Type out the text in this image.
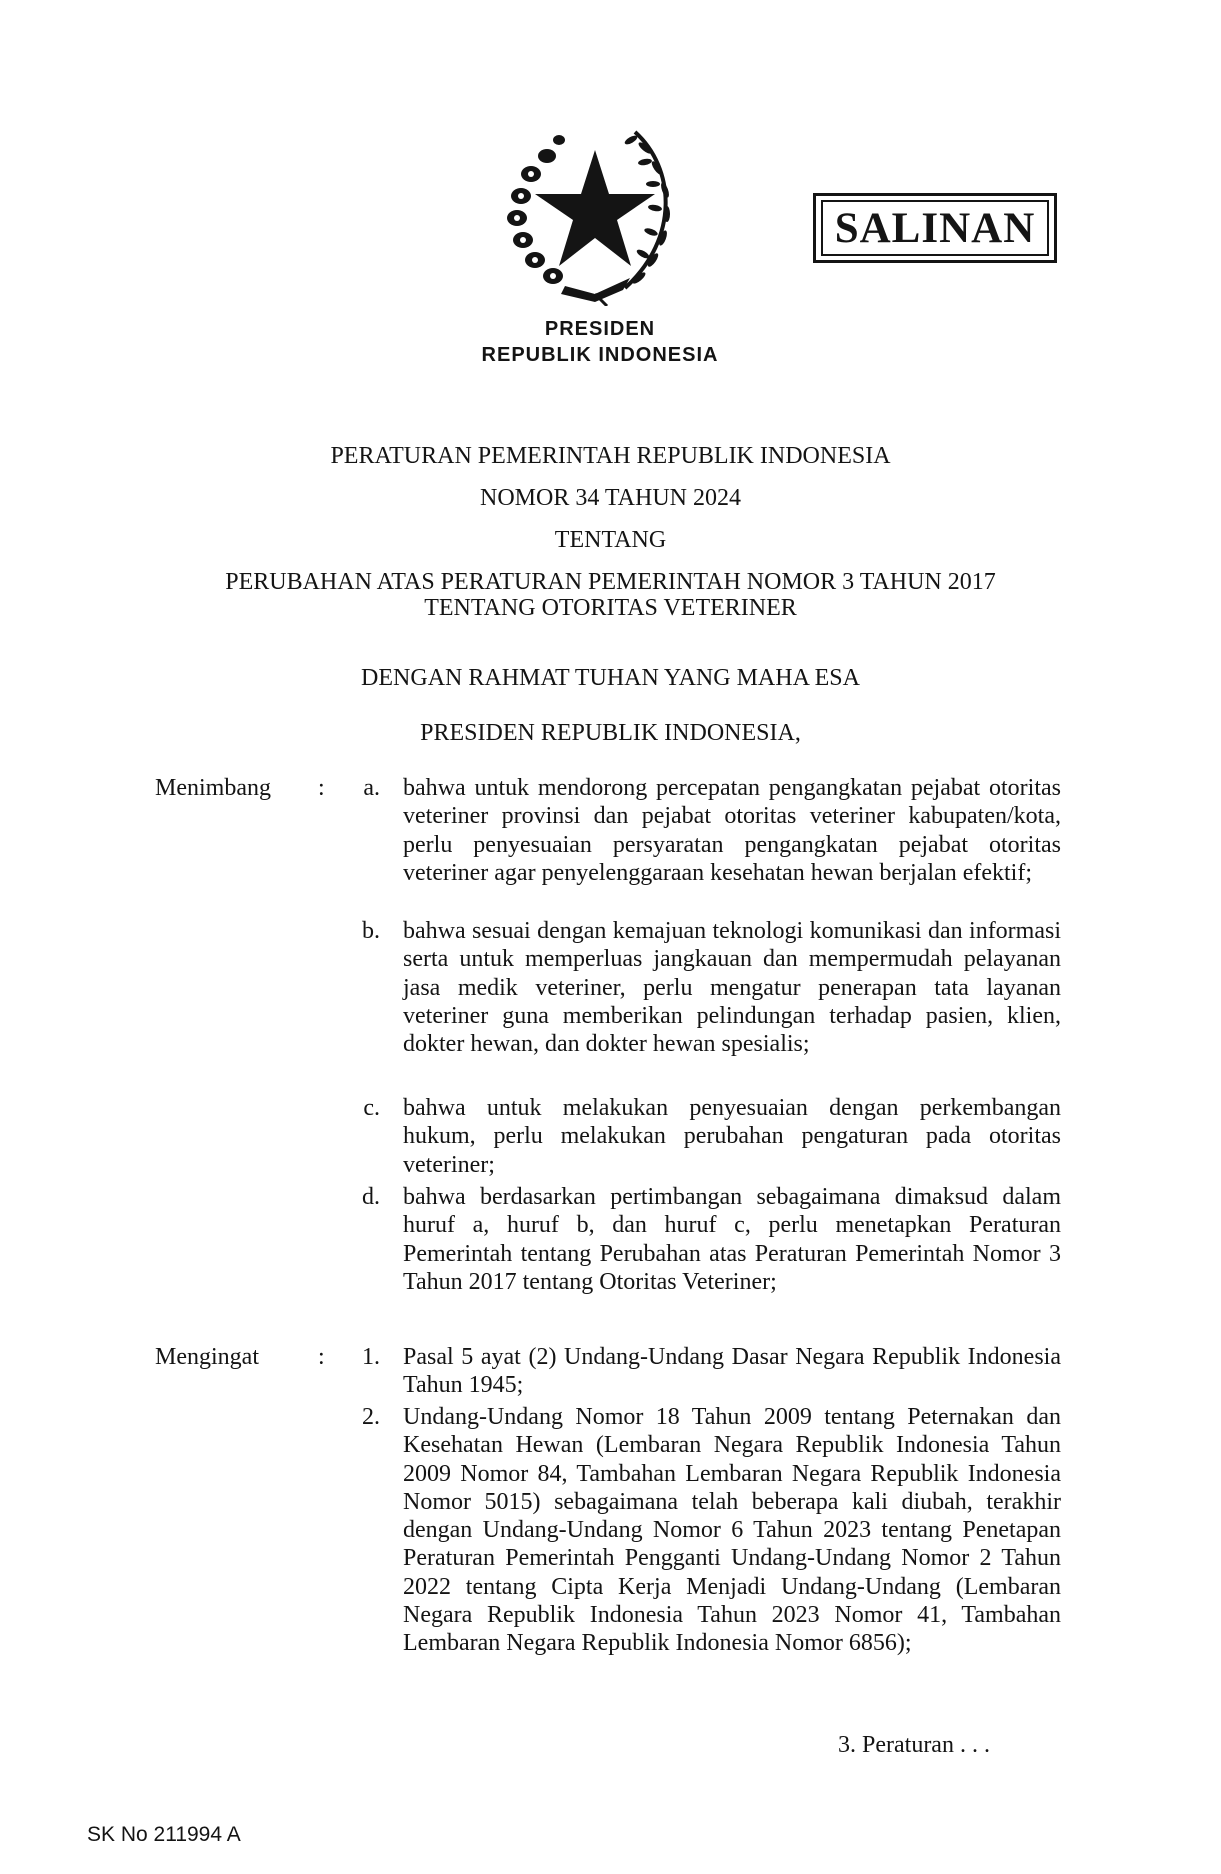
SALINAN
PRESIDEN
REPUBLIK INDONESIA
PERATURAN PEMERINTAH REPUBLIK INDONESIA
NOMOR 34 TAHUN 2024
TENTANG
PERUBAHAN ATAS PERATURAN PEMERINTAH NOMOR 3 TAHUN 2017
TENTANG OTORITAS VETERINER
DENGAN RAHMAT TUHAN YANG MAHA ESA
PRESIDEN REPUBLIK INDONESIA,
Menimbang :	a. bahwa untuk mendorong percepatan pengangkatan pejabat otoritas veteriner provinsi dan pejabat otoritas veteriner kabupaten/kota, perlu penyesuaian persyaratan pengangkatan pejabat otoritas veteriner agar penyelenggaraan kesehatan hewan berjalan efektif;
b. bahwa sesuai dengan kemajuan teknologi komunikasi dan informasi serta untuk memperluas jangkauan dan mempermudah pelayanan jasa medik veteriner, perlu mengatur penerapan tata layanan veteriner guna memberikan pelindungan terhadap pasien, klien, dokter hewan, dan dokter hewan spesialis;
c. bahwa untuk melakukan penyesuaian dengan perkembangan hukum, perlu melakukan perubahan pengaturan pada otoritas veteriner;
d. bahwa berdasarkan pertimbangan sebagaimana dimaksud dalam huruf a, huruf b, dan huruf c, perlu menetapkan Peraturan Pemerintah tentang Perubahan atas Peraturan Pemerintah Nomor 3 Tahun 2017 tentang Otoritas Veteriner;
Mengingat :	1. Pasal 5 ayat (2) Undang-Undang Dasar Negara Republik Indonesia Tahun 1945;
2. Undang-Undang Nomor 18 Tahun 2009 tentang Peternakan dan Kesehatan Hewan (Lembaran Negara Republik Indonesia Tahun 2009 Nomor 84, Tambahan Lembaran Negara Republik Indonesia Nomor 5015) sebagaimana telah beberapa kali diubah, terakhir dengan Undang-Undang Nomor 6 Tahun 2023 tentang Penetapan Peraturan Pemerintah Pengganti Undang-Undang Nomor 2 Tahun 2022 tentang Cipta Kerja Menjadi Undang-Undang (Lembaran Negara Republik Indonesia Tahun 2023 Nomor 41, Tambahan Lembaran Negara Republik Indonesia Nomor 6856);
3. Peraturan . . .
SK No 211994 A
